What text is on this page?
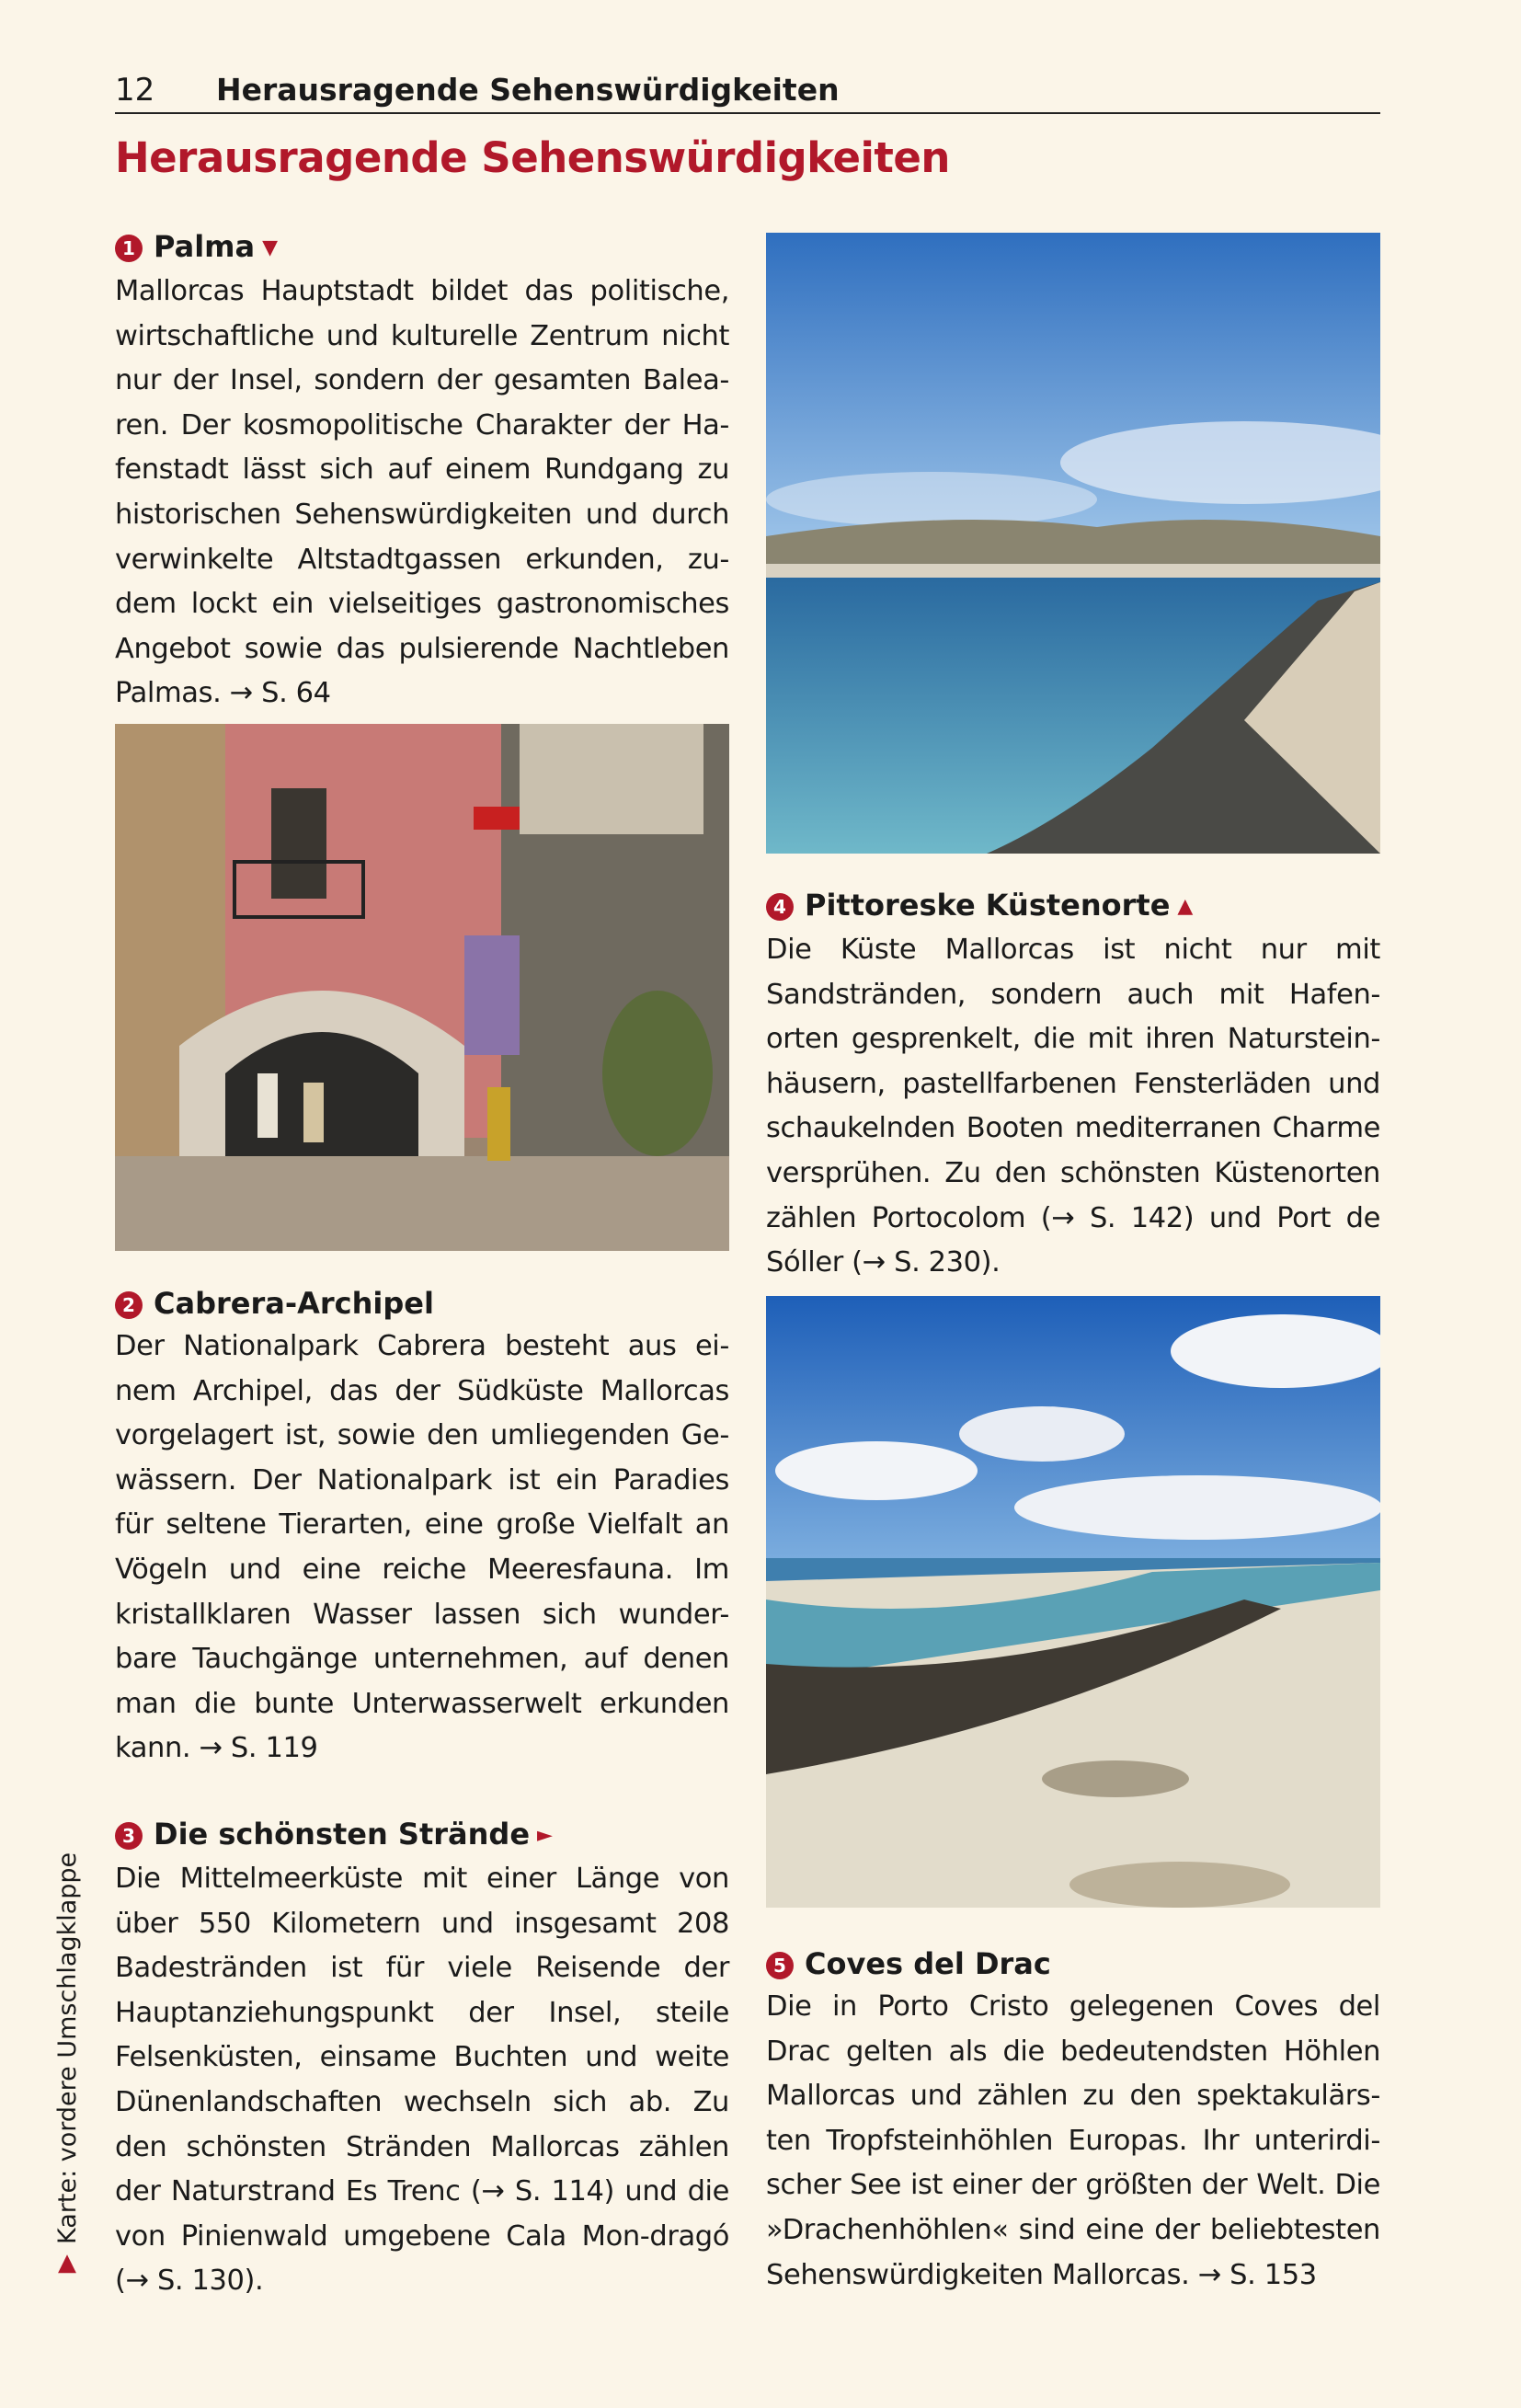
12	Herausragende Sehenswürdigkeiten
Herausragende Sehenswürdigkeiten
1 Palma ▼

Mallorcas Hauptstadt bildet das politische, wirtschaftliche und kulturelle Zentrum nicht nur der Insel, sondern der gesamten Balea-ren. Der kosmopolitische Charakter der Ha-fenstadt lässt sich auf einem Rundgang zu historischen Sehenswürdigkeiten und durch verwinkelte Altstadtgassen erkunden, zu-dem lockt ein vielseitiges gastronomisches Angebot sowie das pulsierende Nachtleben Palmas. → S. 64

2 Cabrera-Archipel

Der Nationalpark Cabrera besteht aus ei-nem Archipel, das der Südküste Mallorcas vorgelagert ist, sowie den umliegenden Ge-wässern. Der Nationalpark ist ein Paradies für seltene Tierarten, eine große Vielfalt an Vögeln und eine reiche Meeresfauna. Im kristallklaren Wasser lassen sich wunder-bare Tauchgänge unternehmen, auf denen man die bunte Unterwasserwelt erkunden kann. → S. 119

3 Die schönsten Strände ►

Die Mittelmeerküste mit einer Länge von über 550 Kilometern und insgesamt 208 Badestränden ist für viele Reisende der Hauptanziehungspunkt der Insel, steile Felsenküsten, einsame Buchten und weite Dünenlandschaften wechseln sich ab. Zu den schönsten Stränden Mallorcas zählen der Naturstrand Es Trenc (→ S. 114) und die von Pinienwald umgebene Cala Mon-dragó (→ S. 130).

4 Pittoreske Küstenorte ▲

Die Küste Mallorcas ist nicht nur mit Sandstränden, sondern auch mit Hafen-orten gesprenkelt, die mit ihren Naturstein-häusern, pastellfarbenen Fensterläden und schaukelnden Booten mediterranen Charme versprühen. Zu den schönsten Küstenorten zählen Portocolom (→ S. 142) und Port de Sóller (→ S. 230).

5 Coves del Drac

Die in Porto Cristo gelegenen Coves del Drac gelten als die bedeutendsten Höhlen Mallorcas und zählen zu den spektakulärs-ten Tropfsteinhöhlen Europas. Ihr unterirdi-scher See ist einer der größten der Welt. Die »Drachenhöhlen« sind eine der beliebtesten Sehenswürdigkeiten Mallorcas. → S. 153

▲
Karte: vordere Umschlagklappe
